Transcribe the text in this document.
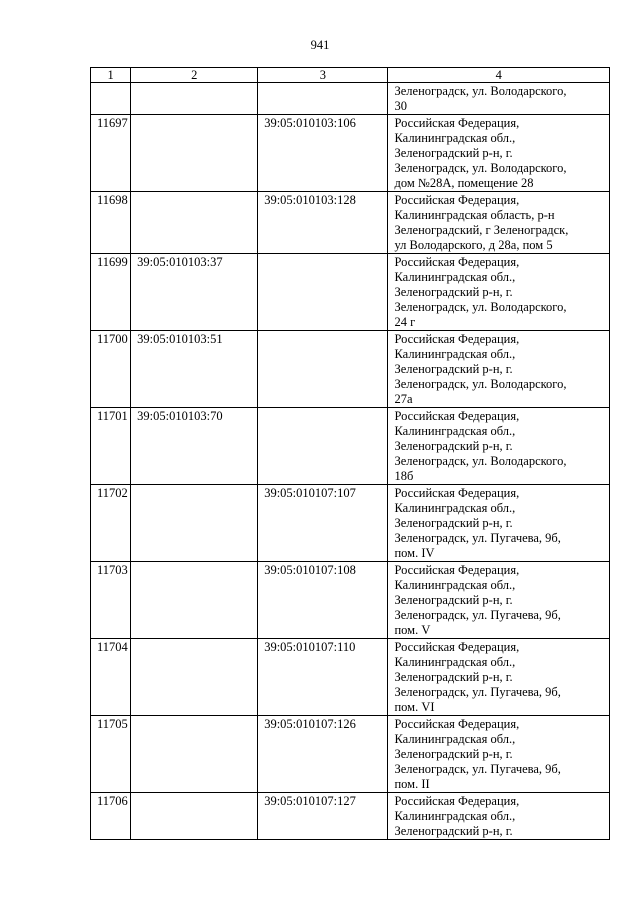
941
1	2	3	4

			Зеленоградск, ул. Володарского,
30

11697		39:05:010103:106	Российская Федерация,
Калининградская обл.,
Зеленоградский р-н, г.
Зеленоградск, ул. Володарского,
дом №28А, помещение 28

11698		39:05:010103:128	Российская Федерация,
Калининградская область, р-н
Зеленоградский, г Зеленоградск,
ул Володарского, д 28а, пом 5

11699	39:05:010103:37		Российская Федерация,
Калининградская обл.,
Зеленоградский р-н, г.
Зеленоградск, ул. Володарского,
24 г

11700	39:05:010103:51		Российская Федерация,
Калининградская обл.,
Зеленоградский р-н, г.
Зеленоградск, ул. Володарского,
27а

11701	39:05:010103:70		Российская Федерация,
Калининградская обл.,
Зеленоградский р-н, г.
Зеленоградск, ул. Володарского,
18б

11702		39:05:010107:107	Российская Федерация,
Калининградская обл.,
Зеленоградский р-н, г.
Зеленоградск, ул. Пугачева, 9б,
пом. IV

11703		39:05:010107:108	Российская Федерация,
Калининградская обл.,
Зеленоградский р-н, г.
Зеленоградск, ул. Пугачева, 9б,
пом. V

11704		39:05:010107:110	Российская Федерация,
Калининградская обл.,
Зеленоградский р-н, г.
Зеленоградск, ул. Пугачева, 9б,
пом. VI

11705		39:05:010107:126	Российская Федерация,
Калининградская обл.,
Зеленоградский р-н, г.
Зеленоградск, ул. Пугачева, 9б,
пом. II

11706		39:05:010107:127	Российская Федерация,
Калининградская обл.,
Зеленоградский р-н, г.
